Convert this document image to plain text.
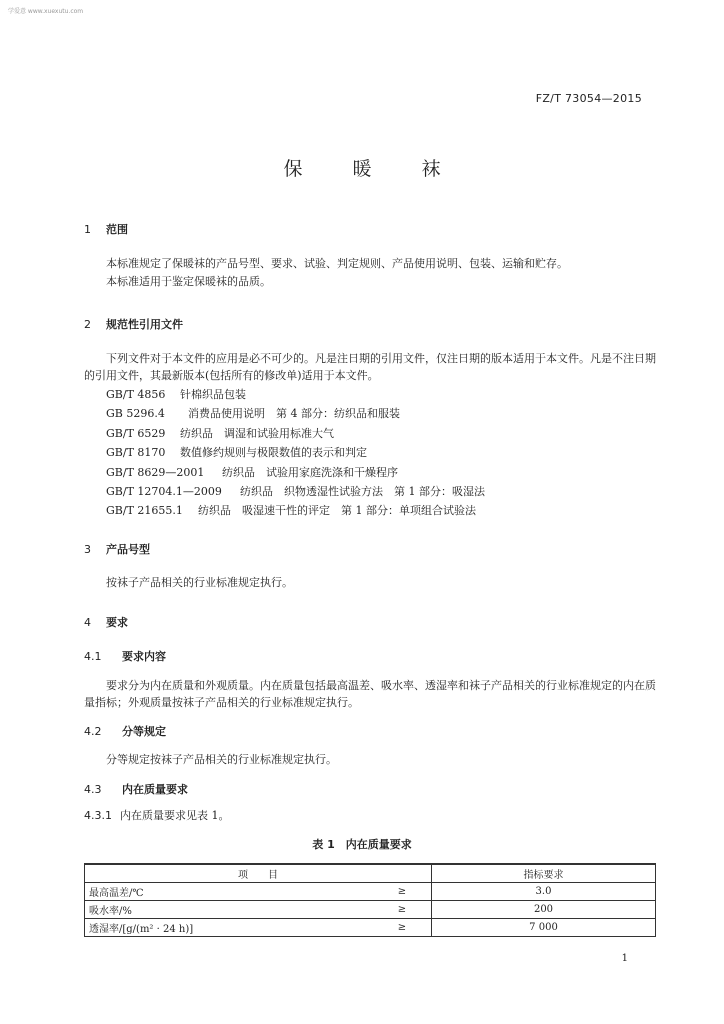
学爱意 www.xuexutu.com
FZ/T 73054—2015
保 暖 袜
1 范围
本标准规定了保暖袜的产品号型、要求、试验、判定规则、产品使用说明、包装、运输和贮存。
本标准适用于鉴定保暖袜的品质。
2 规范性引用文件
下列文件对于本文件的应用是必不可少的。凡是注日期的引用文件，仅注日期的版本适用于本文件。凡是不注日期的引用文件，其最新版本(包括所有的修改单)适用于本文件。
GB/T 4856 针棉织品包装
GB 5296.4 消费品使用说明　第 4 部分：纺织品和服装
GB/T 6529 纺织品　调湿和试验用标准大气
GB/T 8170 数值修约规则与极限数值的表示和判定
GB/T 8629—2001 纺织品　试验用家庭洗涤和干燥程序
GB/T 12704.1—2009 纺织品　织物透湿性试验方法　第 1 部分：吸湿法
GB/T 21655.1 纺织品　吸湿速干性的评定　第 1 部分：单项组合试验法
3 产品号型
按袜子产品相关的行业标准规定执行。
4 要求
4.1 要求内容
要求分为内在质量和外观质量。内在质量包括最高温差、吸水率、透湿率和袜子产品相关的行业标准规定的内在质量指标；外观质量按袜子产品相关的行业标准规定执行。
4.2 分等规定
分等规定按袜子产品相关的行业标准规定执行。
4.3 内在质量要求
4.3.1 内在质量要求见表 1。
表 1　内在质量要求
项　　目		指标要求
最高温差/℃	≥	3.0
吸水率/%	≥	200
透湿率/[g/(m² · 24 h)]	≥	7 000
1
